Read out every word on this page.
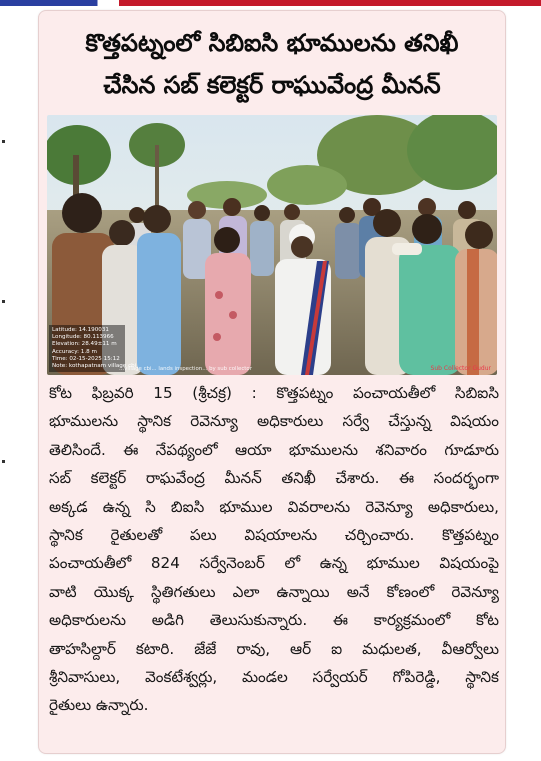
కొత్తపట్నంలో సిబిఐసి భూములను తనిఖీ
చేసిన సబ్ కలెక్టర్ రాఘువేంద్ర మీనన్
Latitude: 14.190031
Longitude: 80.113966
Elevation: 28.49±11 m
Accuracy: 1.8 m
Time: 02-15-2025 15:12
Note: kothapatnam village cbi
...village cbi... lands inspection... by sub collector	Sub Collector Gudur
కోట ఫిబ్రవరి 15 (శ్రీచక్ర) : కొత్తపట్నం పంచాయతీలో సిబిఐసి
భూములను స్థానిక రెవెన్యూ అధికారులు సర్వే చేస్తున్న విషయం
తెలిసిందే. ఈ నేపథ్యంలో ఆయా భూములను శనివారం గూడూరు
సబ్ కలెక్టర్ రాఘవేంద్ర మీనన్ తనిఖీ చేశారు. ఈ సందర్భంగా
అక్కడ ఉన్న సి బిఐసి భూముల వివరాలను రెవెన్యూ అధికారులు,
స్థానిక రైతులతో పలు విషయాలను చర్చించారు. కొత్తపట్నం
పంచాయతీలో 824 సర్వేనెంబర్ లో ఉన్న భూముల విషయంపై
వాటి యొక్క స్థితిగతులు ఎలా ఉన్నాయి అనే కోణంలో రెవెన్యూ
అధికారులను అడిగి తెలుసుకున్నారు. ఈ కార్యక్రమంలో కోట
తాహసిల్దార్ కటారి. జేజే రావు, ఆర్ ఐ మధులత, వీఆర్వోలు
శ్రీనివాసులు, వెంకటేశ్వర్లు, మండల సర్వేయర్ గోపిరెడ్డి, స్థానిక
రైతులు ఉన్నారు.
